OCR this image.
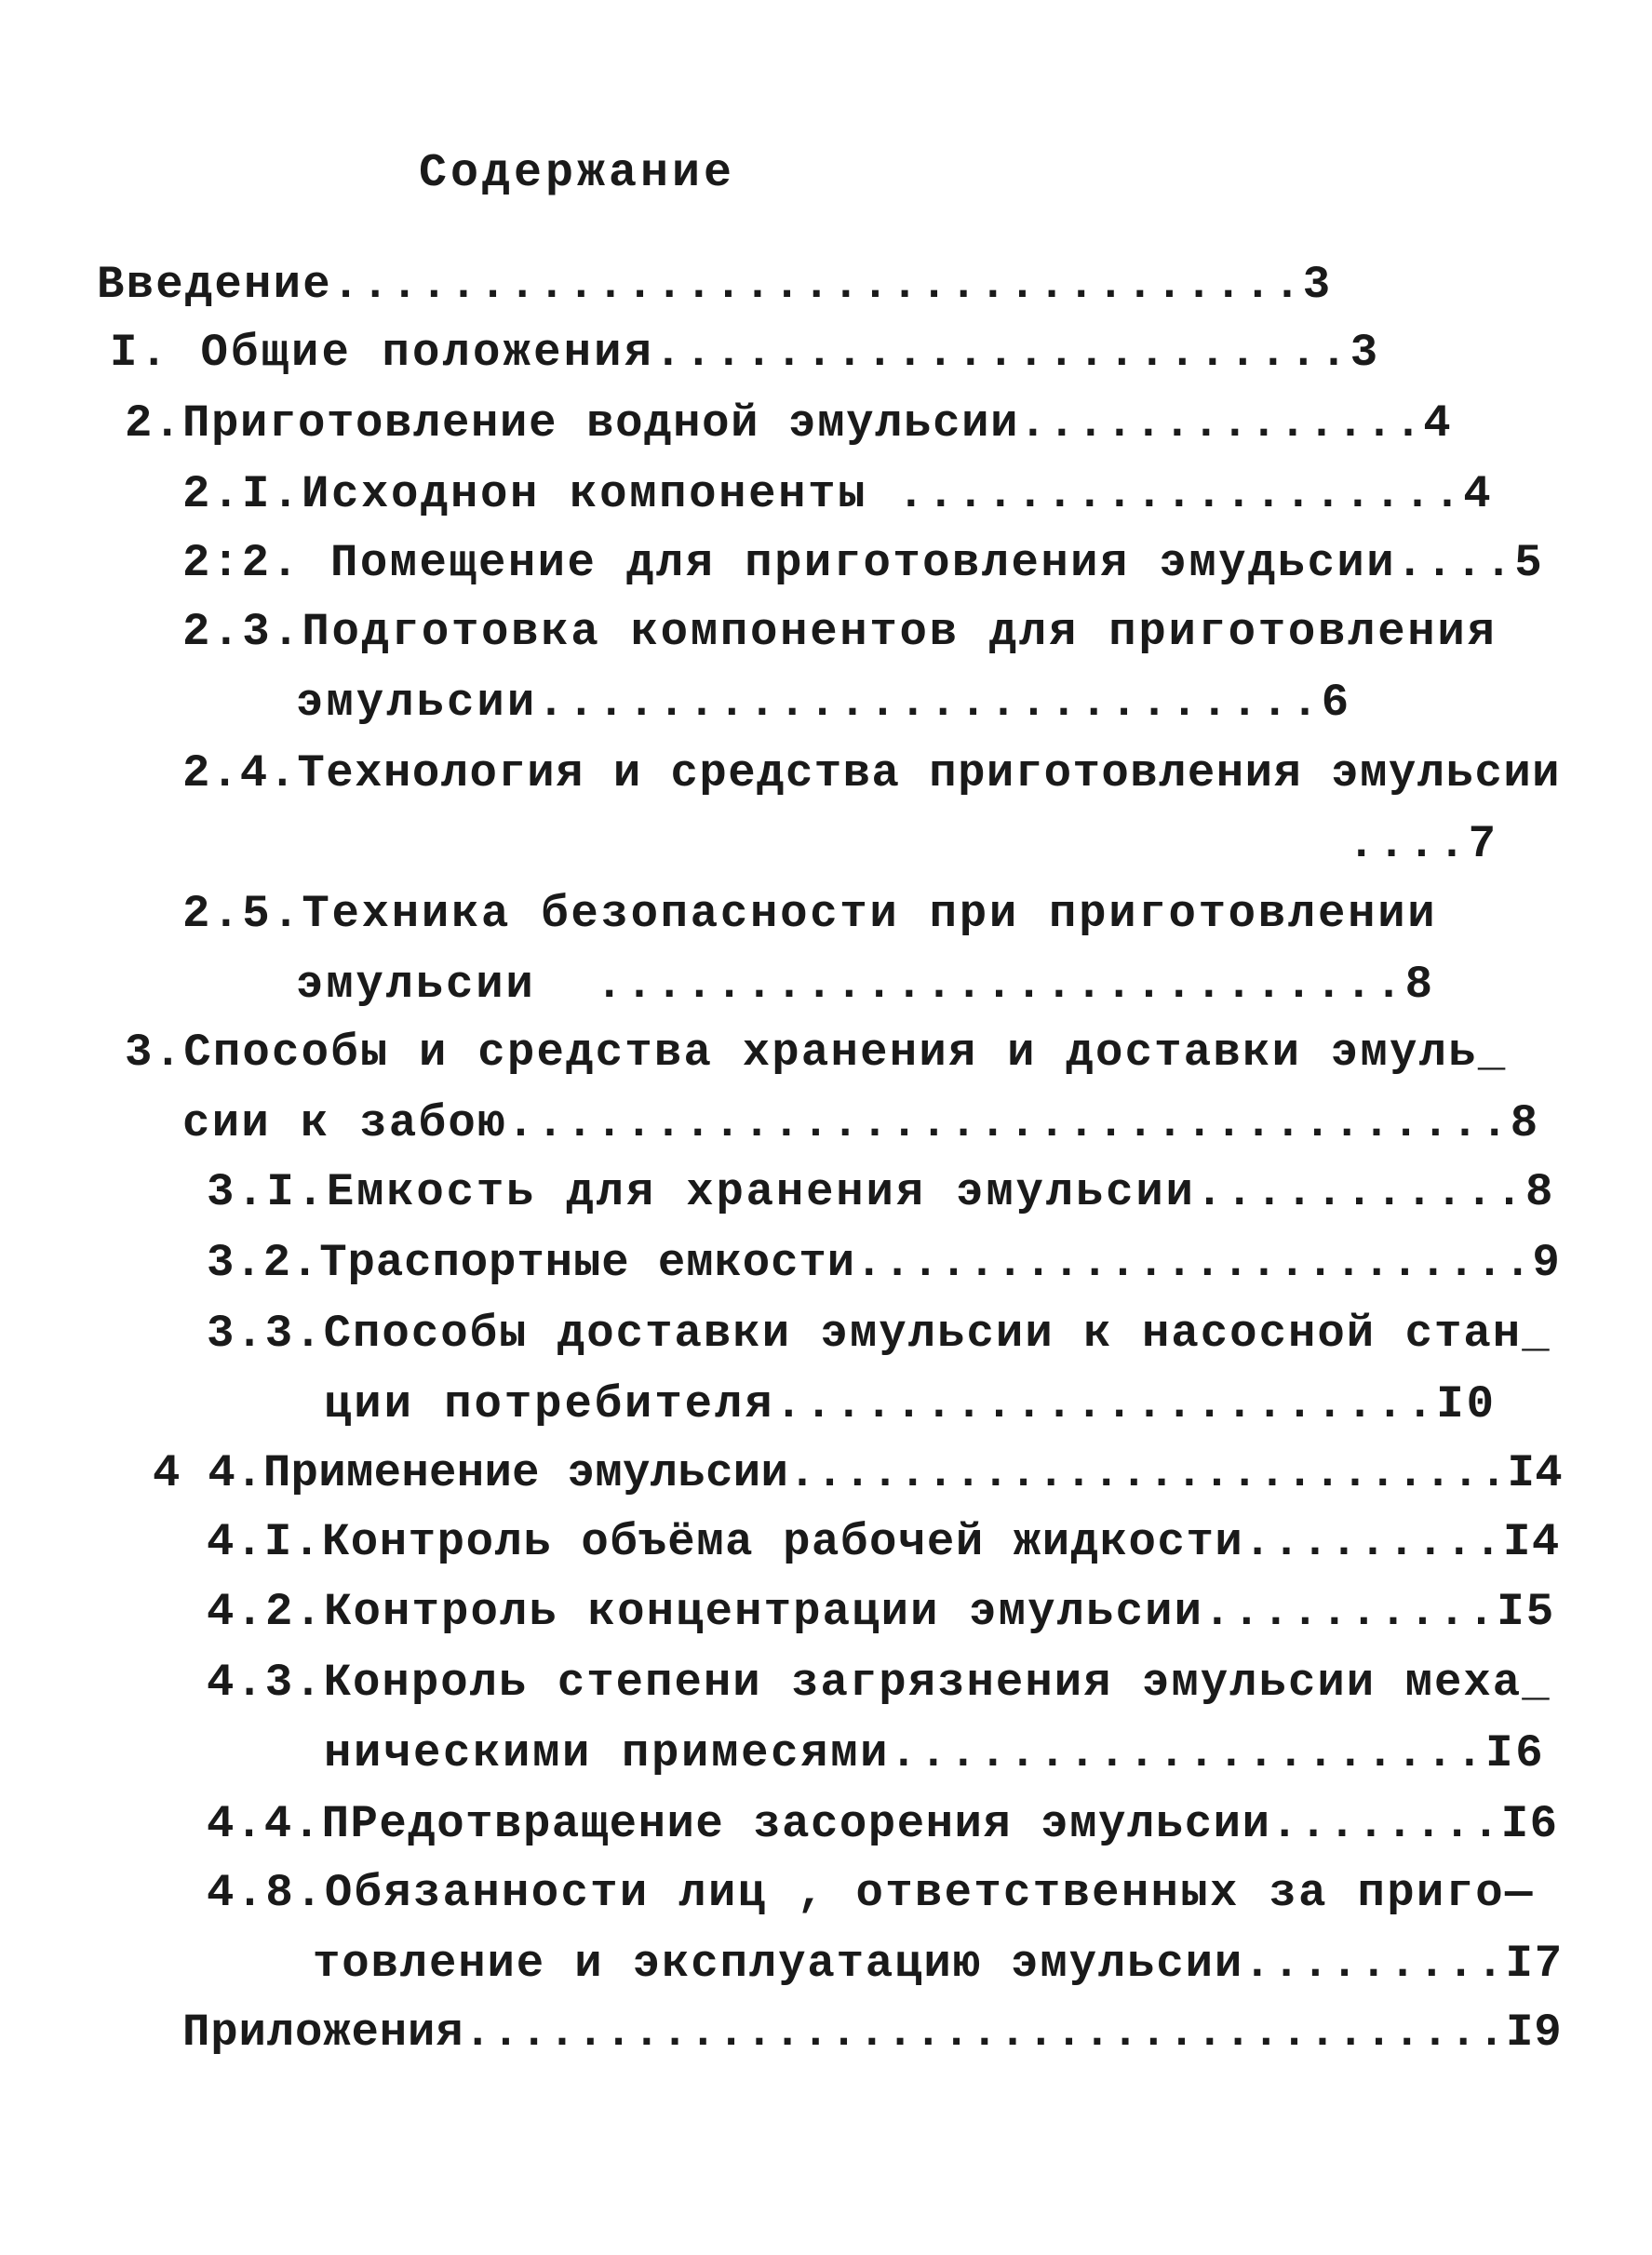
Содержание
Введение.................................3
I. Общие положения.......................3
2.Приготовление водной эмульсии..............4
2.I.Исходнон компоненты ...................4
2:2. Помещение для приготовления эмудьсии....5
2.3.Подготовка компонентов для приготовления
эмульсии..........................6
2.4.Технология и средства приготовления эмульсии
....7
2.5.Техника безопасности при приготовлении
эмульсии  ...........................8
3.Способы и средства хранения и доставки эмуль_
сии к забою..................................8
3.I.Емкость для хранения эмульсии...........8
3.2.Траспортные емкости........................9
3.3.Способы доставки эмульсии к насосной стан_
ции потребителя......................I0
4 4.Применение эмульсии..........................I4
4.I.Контроль объёма рабочей жидкости.........I4
4.2.Контроль концентрации эмульсии..........I5
4.3.Конроль степени загрязнения эмульсии меха_
ническими примесями....................I6
4.4.ПРедотвращение засорения эмульсии........I6
4.8.Обязанности лиц , ответственных за приго—
товление и эксплуатацию эмульсии.........I7
Приложения.....................................I9
